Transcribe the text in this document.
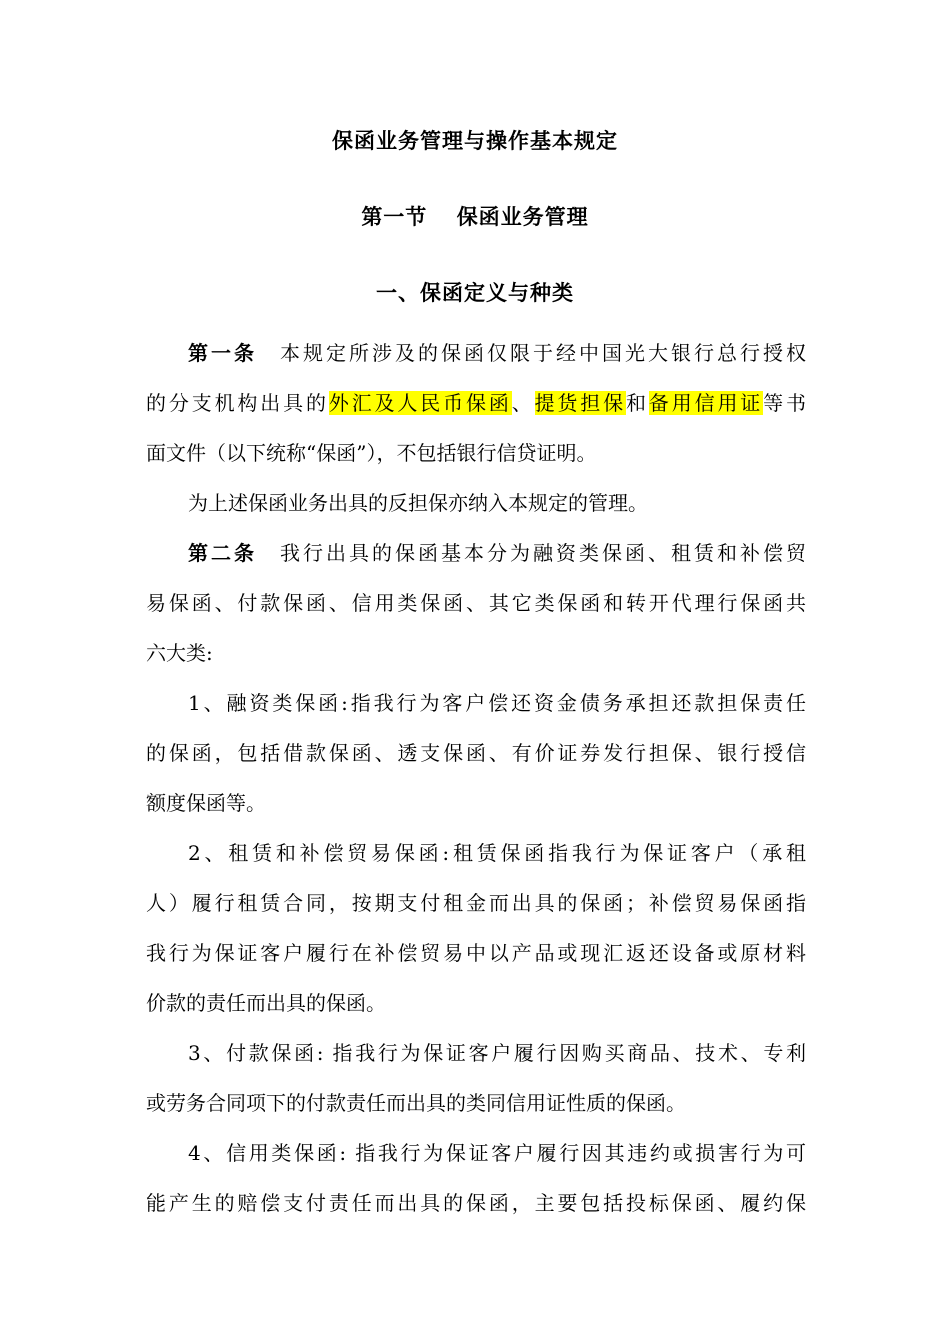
保函业务管理与操作基本规定
第一节 保函业务管理
一、保函定义与种类
第一条 本规定所涉及的保函仅限于经中国光大银行总行授权
的分支机构出具的外汇及人民币保函、提货担保和备用信用证等书
面文件（以下统称“保函”），不包括银行信贷证明。
为上述保函业务出具的反担保亦纳入本规定的管理。
第二条 我行出具的保函基本分为融资类保函、租赁和补偿贸
易保函、付款保函、信用类保函、其它类保函和转开代理行保函共
六大类:
1、融资类保函:指我行为客户偿还资金债务承担还款担保责任
的保函，包括借款保函、透支保函、有价证券发行担保、银行授信
额度保函等。
2、租赁和补偿贸易保函:租赁保函指我行为保证客户（承租
人）履行租赁合同，按期支付租金而出具的保函；补偿贸易保函指
我行为保证客户履行在补偿贸易中以产品或现汇返还设备或原材料
价款的责任而出具的保函。
3、付款保函: 指我行为保证客户履行因购买商品、技术、专利
或劳务合同项下的付款责任而出具的类同信用证性质的保函。
4、信用类保函: 指我行为保证客户履行因其违约或损害行为可
能产生的赔偿支付责任而出具的保函，主要包括投标保函、履约保
